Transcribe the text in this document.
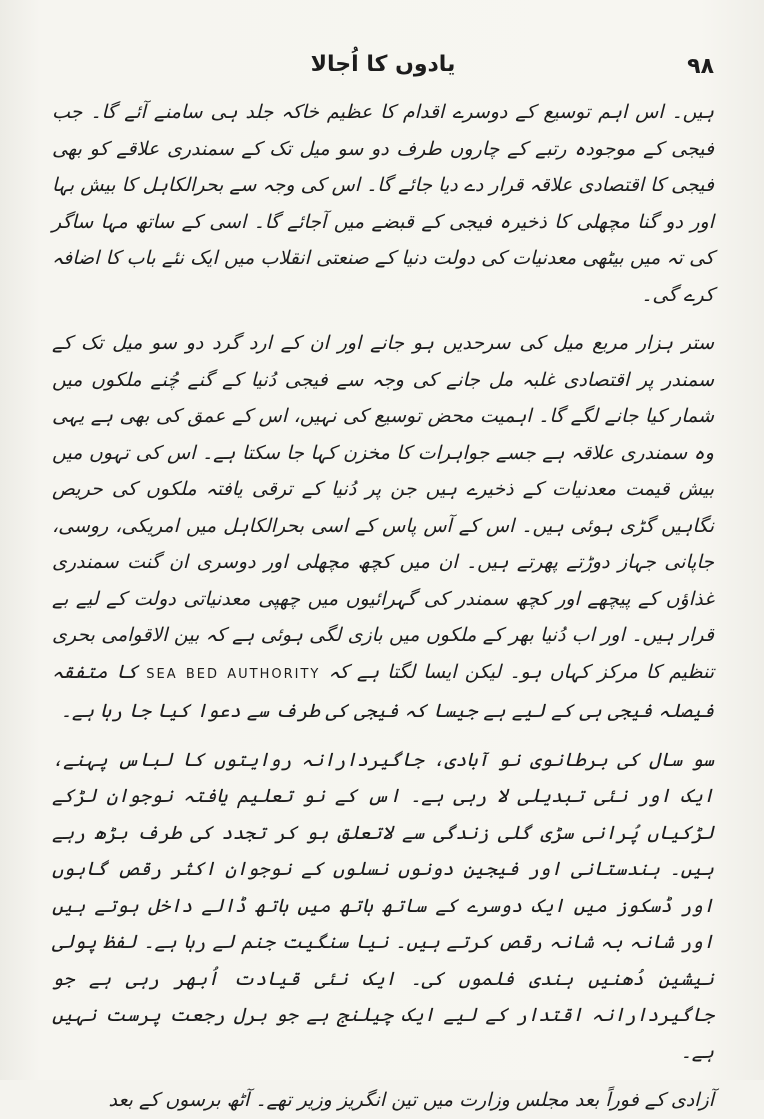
یادوں کا اُجالا	۹۸

ہیں۔ اس اہم توسیع کے دوسرے اقدام کا عظیم خاکہ جلد ہی سامنے آئے گا۔ جب فیجی کے موجودہ رتبے کے چاروں طرف دو سو میل تک کے سمندری علاقے کو بھی فیجی کا اقتصادی علاقہ قرار دے دیا جائے گا۔ اس کی وجہ سے بحرالکاہل کا بیش بہا اور دو گنا مچھلی کا ذخیرہ فیجی کے قبضے میں آجائے گا۔ اسی کے ساتھ مہا ساگر کی تہ میں بیٹھی معدنیات کی دولت دنیا کے صنعتی انقلاب میں ایک نئے باب کا اضافہ کرے گی۔

ستر ہزار مربع میل کی سرحدیں ہو جانے اور ان کے ارد گرد دو سو میل تک کے سمندر پر اقتصادی غلبہ مل جانے کی وجہ سے فیجی دُنیا کے گنے چُنے ملکوں میں شمار کیا جانے لگے گا۔ اہمیت محض توسیع کی نہیں، اس کے عمق کی بھی ہے یہی وہ سمندری علاقہ ہے جسے جواہرات کا مخزن کہا جا سکتا ہے۔ اس کی تہوں میں بیش قیمت معدنیات کے ذخیرے ہیں جن پر دُنیا کے ترقی یافتہ ملکوں کی حریص نگاہیں گڑی ہوئی ہیں۔ اس کے آس پاس کے اسی بحرالکاہل میں امریکی، روسی، جاپانی جہاز دوڑتے پھرتے ہیں۔ ان میں کچھ مچھلی اور دوسری ان گنت سمندری غذاؤں کے پیچھے اور کچھ سمندر کی گہرائیوں میں چھپی معدنیاتی دولت کے لیے بے قرار ہیں۔ اور اب دُنیا بھر کے ملکوں میں بازی لگی ہوئی ہے کہ بین الاقوامی بحری تنظیم کا مرکز کہاں ہو۔ لیکن ایسا لگتا ہے کہ SEA BED AUTHORITY کا متفقہ فیصلہ فیجی ہی کے لیے ہے جیسا کہ فیجی کی طرف سے دعوا کیا جا رہا ہے۔

سو سال کی برطانوی نو آبادی، جاگیردارانہ روایتوں کا لباس پہنے، ایک اور نئی تبدیلی لا رہی ہے۔ اس کے نو تعلیم یافتہ نوجوان لڑکے لڑکیاں پُرانی سڑی گلی زندگی سے لاتعلق ہو کر تجدد کی طرف بڑھ رہے ہیں۔ ہندستانی اور فیجین دونوں نسلوں کے نوجوان اکثر رقص گاہوں اور ڈسکوز میں ایک دوسرے کے ساتھ ہاتھ میں ہاتھ ڈالے داخل ہوتے ہیں اور شانہ بہ شانہ رقص کرتے ہیں۔ نیا سنگیت جنم لے رہا ہے۔ لفظ پولی نیشین دُھنیں ہندی فلموں کی۔ ایک نئی قیادت اُبھر رہی ہے جو جاگیردارانہ اقتدار کے لیے ایک چیلنج ہے جو برل رجعت پرست نہیں ہے۔

آزادی کے فوراً بعد مجلس وزارت میں تین انگریز وزیر تھے۔ آٹھ برسوں کے بعد
